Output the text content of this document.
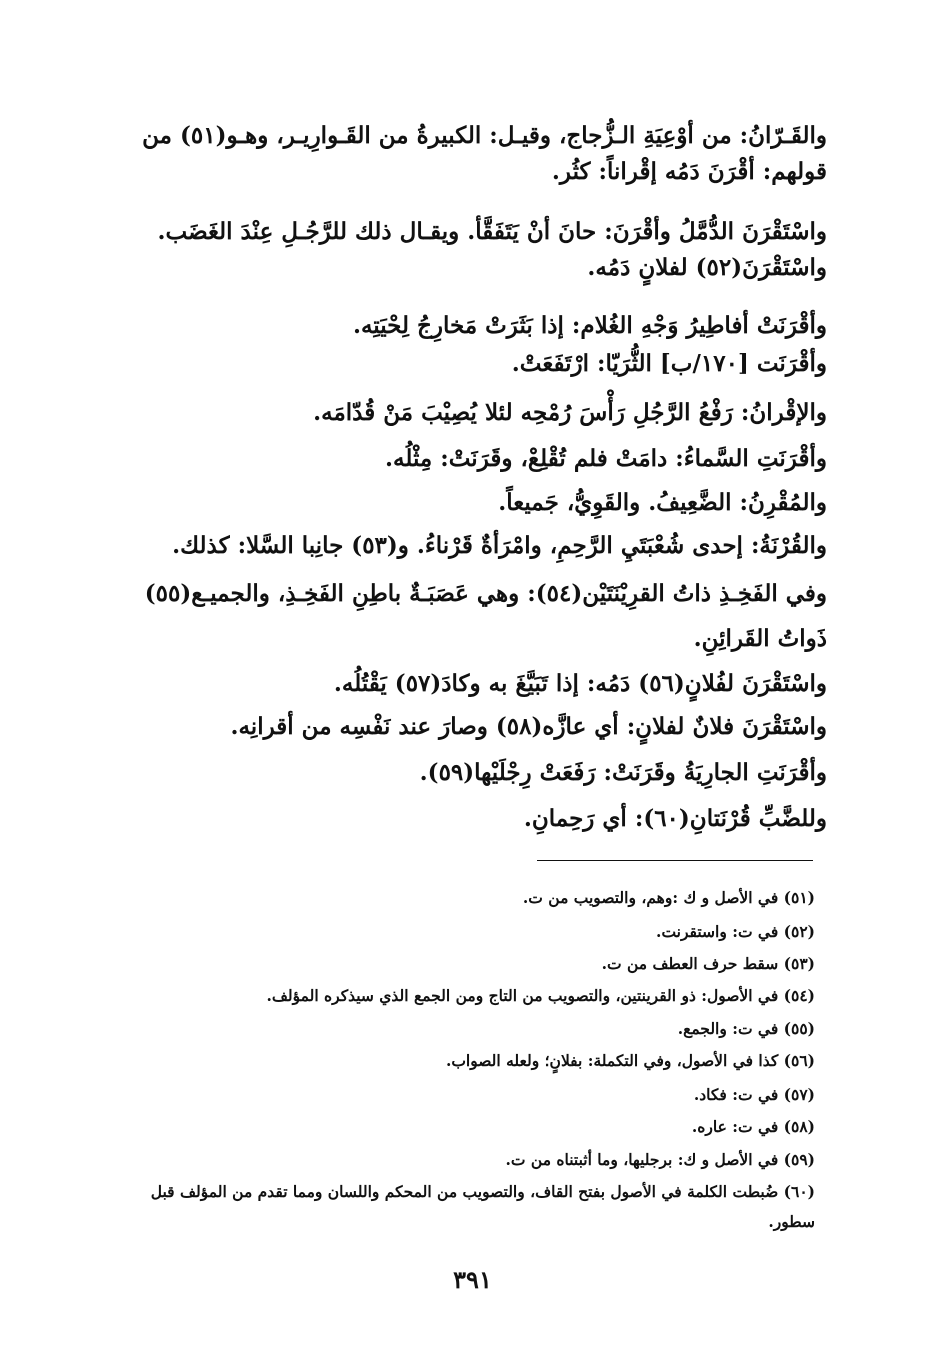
والقَـرّانُ: من أوْعِيَةِ الـزُّجاج، وقيـل: الكبيرةُ من القَـوارِيـر، وهـو(٥١) من
قولهم: أقْرَنَ دَمُه إقْراناً: كثُر.
واسْتَقْرَنَ الدُّمَّلُ وأقْرَنَ: حانَ أنْ يَتَفَقَّأ. ويقـال ذلك للرَّجُـلِ عِنْدَ الغَضَب.
واسْتَقْرَنَ(٥٢) لفلانٍ دَمُه.
وأقْرَنَتْ أفاطِيرُ وَجْهِ الغُلام: إذا بَثَرَتْ مَخارِجُ لِحْيَتِه.
وأقْرَنَت [١٧٠/ب] الثُّرَيّا: ارْتَفَعَتْ.
والإقْرانُ: رَفْعُ الرَّجُلِ رَأْسَ رُمْحِه لئلا يُصِيْبَ مَنْ قُدّامَه.
وأقْرَنَتِ السَّماءُ: دامَتْ فلم تُقْلِعْ، وقَرَنَتْ: مِثْلُه.
والمُقْرِنُ: الضَّعِيفُ. والقَوِيُّ، جَميعاً.
والقُرْنَةُ: إحدى شُعْبَتَيِ الرَّحِمِ، وامْرَأةٌ قَرْناءُ. و(٥٣) جانِبا السَّلا: كذلك.
وفي الفَخِـذِ ذاتُ القرِيْنَتَيْن(٥٤): وهي عَصَبَـةٌ باطِنِ الفَخِـذِ، والجميـع(٥٥)
ذَواتُ القَرائِنِ.
واسْتَقْرَنَ لفُلانٍ(٥٦) دَمُه: إذا تَبَيَّغَ به وكادَ(٥٧) يَقْتُلُه.
واسْتَقْرَنَ فلانٌ لفلانٍ: أي عازَّه(٥٨) وصارَ عند نَفْسِه من أقرانِه.
وأقْرَنَتِ الجارِيَةُ وقَرَنَتْ: رَفَعَتْ رِجْلَيْها(٥٩).
وللضَّبِّ قُرْنَتانِ(٦٠): أي رَحِمانِ.
(٥١) في الأصل و ك :وهم، والتصويب من ت.
(٥٢) في ت: واستقرنت.
(٥٣) سقط حرف العطف من ت.
(٥٤) في الأصول: ذو القرينتين، والتصويب من التاج ومن الجمع الذي سيذكره المؤلف.
(٥٥) في ت: والجمع.
(٥٦) كذا في الأصول، وفي التكملة: بفلانٍ؛ ولعله الصواب.
(٥٧) في ت: فكاد.
(٥٨) في ت: عاره.
(٥٩) في الأصل و ك: برجليها، وما أثبتناه من ت.
(٦٠) ضُبطت الكلمة في الأصول بفتح القاف، والتصويب من المحكم واللسان ومما تقدم من المؤلف قبل سطور.
٣٩١
